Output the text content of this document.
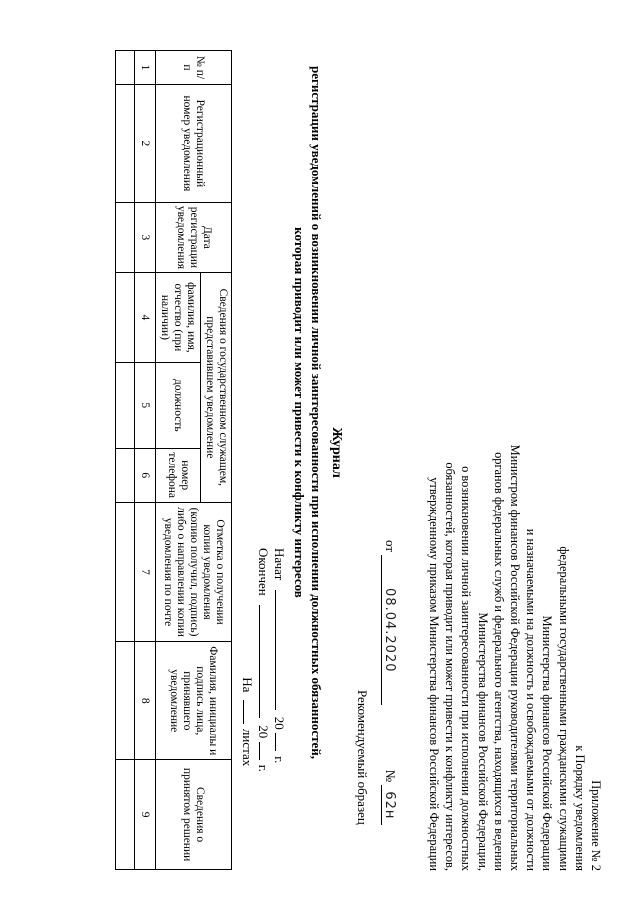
Приложение № 2
к Порядку уведомления
федеральными государственными гражданскими служащими
Министерства финансов Российской Федерации
и назначаемыми на должность и освобождаемыми от должности
Министром финансов Российской Федерации руководителями территориальных
органов федеральных служб и федерального агентства, находящихся в ведении
Министерства финансов Российской Федерации,
о возникновении личной заинтересованности при исполнении должностных
обязанностей, которая приводит или может привести к конфликту интересов,
утвержденному приказом Министерства финансов Российской Федерации
от 08.04.2020  № 62н
Рекомендуемый образец
Журнал
регистрации уведомлений о возникновении личной заинтересованности при исполнении должностных обязанностей,
которая приводит или может привести к конфликту интересов
Начат  20  г.
Окончен  20  г.
На  листах
№ п/п	Регистрационный номер уведомления	Дата регистрации уведомления	Сведения о государственном служащем, представившем уведомление			Отметка о получении копии уведомления (копию получил, подпись) либо о направлении копии уведомления по почте	Фамилия, инициалы и подпись лица, принявшего уведомление	Сведения о принятом решении
			фамилия, имя, отчество (при наличии)	должность	номер телефона			
1	2	3	4	5	6	7	8	9
